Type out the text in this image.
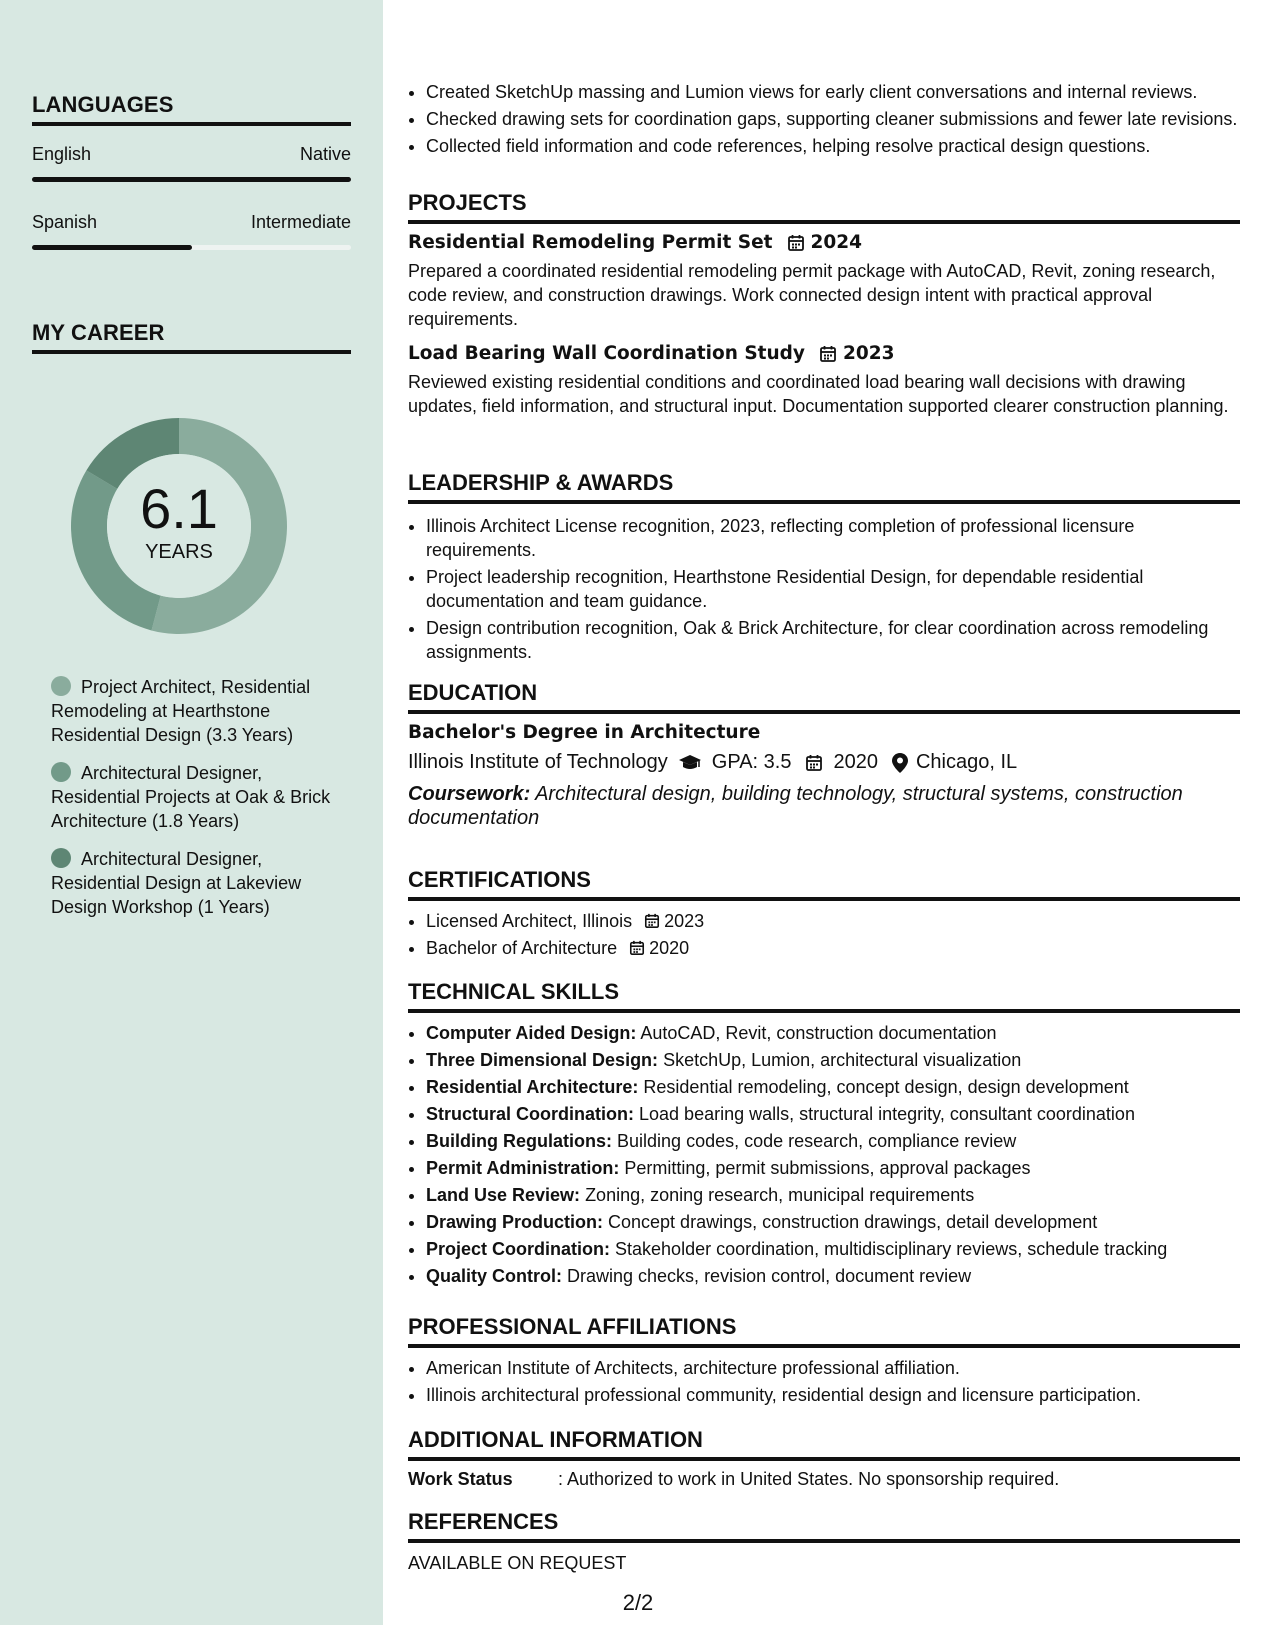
LANGUAGES
English	Native
Spanish	Intermediate
MY CAREER
6.1
YEARS
Project Architect, Residential Remodeling at Hearthstone Residential Design (3.3 Years)
Architectural Designer, Residential Projects at Oak & Brick Architecture (1.8 Years)
Architectural Designer, Residential Design at Lakeview Design Workshop (1 Years)
• Created SketchUp massing and Lumion views for early client conversations and internal reviews.
• Checked drawing sets for coordination gaps, supporting cleaner submissions and fewer late revisions.
• Collected field information and code references, helping resolve practical design questions.
PROJECTS
Residential Remodeling Permit Set 2024
Prepared a coordinated residential remodeling permit package with AutoCAD, Revit, zoning research, code review, and construction drawings. Work connected design intent with practical approval requirements.
Load Bearing Wall Coordination Study 2023
Reviewed existing residential conditions and coordinated load bearing wall decisions with drawing updates, field information, and structural input. Documentation supported clearer construction planning.
LEADERSHIP & AWARDS
• Illinois Architect License recognition, 2023, reflecting completion of professional licensure requirements.
• Project leadership recognition, Hearthstone Residential Design, for dependable residential documentation and team guidance.
• Design contribution recognition, Oak & Brick Architecture, for clear coordination across remodeling assignments.
EDUCATION
Bachelor's Degree in Architecture
Illinois Institute of Technology GPA: 3.5 2020 Chicago, IL
Coursework: Architectural design, building technology, structural systems, construction documentation
CERTIFICATIONS
• Licensed Architect, Illinois 2023
• Bachelor of Architecture 2020
TECHNICAL SKILLS
• Computer Aided Design: AutoCAD, Revit, construction documentation
• Three Dimensional Design: SketchUp, Lumion, architectural visualization
• Residential Architecture: Residential remodeling, concept design, design development
• Structural Coordination: Load bearing walls, structural integrity, consultant coordination
• Building Regulations: Building codes, code research, compliance review
• Permit Administration: Permitting, permit submissions, approval packages
• Land Use Review: Zoning, zoning research, municipal requirements
• Drawing Production: Concept drawings, construction drawings, detail development
• Project Coordination: Stakeholder coordination, multidisciplinary reviews, schedule tracking
• Quality Control: Drawing checks, revision control, document review
PROFESSIONAL AFFILIATIONS
• American Institute of Architects, architecture professional affiliation.
• Illinois architectural professional community, residential design and licensure participation.
ADDITIONAL INFORMATION
Work Status	: Authorized to work in United States. No sponsorship required.
REFERENCES
AVAILABLE ON REQUEST
2/2
